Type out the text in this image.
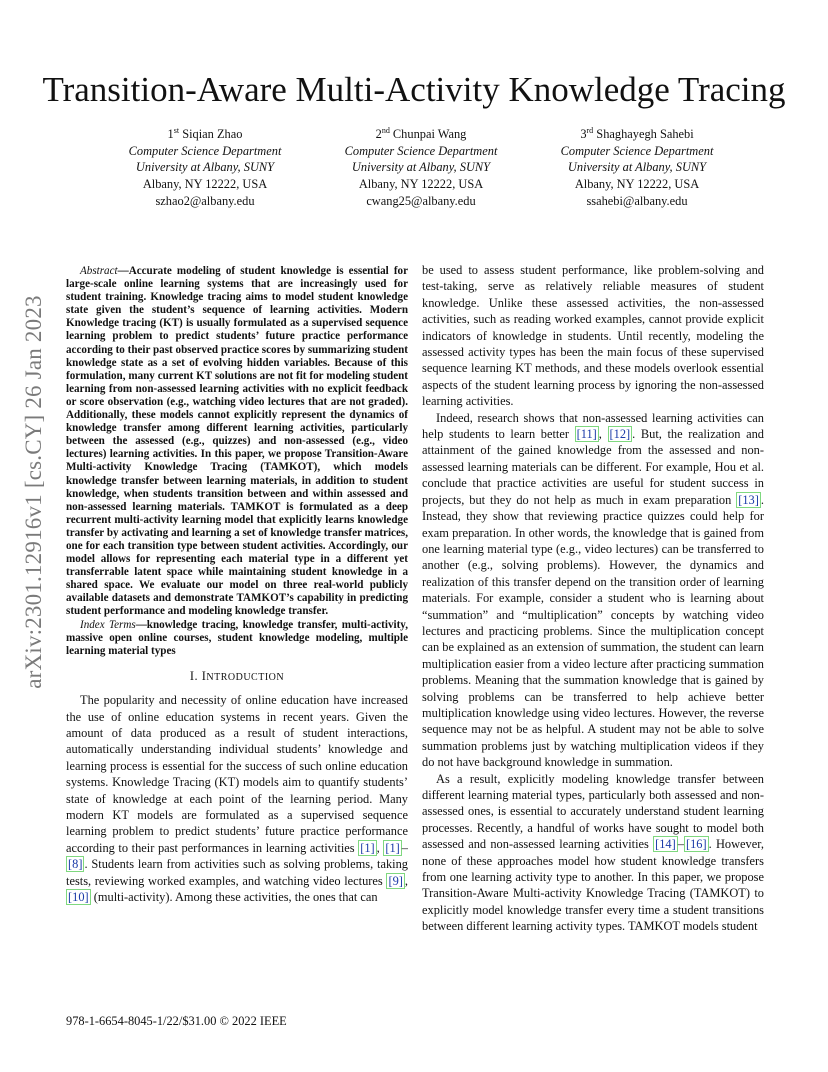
arXiv:2301.12916v1 [cs.CY] 26 Jan 2023
Transition-Aware Multi-Activity Knowledge Tracing
1st Siqian Zhao
Computer Science Department
University at Albany, SUNY
Albany, NY 12222, USA
szhao2@albany.edu
2nd Chunpai Wang
Computer Science Department
University at Albany, SUNY
Albany, NY 12222, USA
cwang25@albany.edu
3rd Shaghayegh Sahebi
Computer Science Department
University at Albany, SUNY
Albany, NY 12222, USA
ssahebi@albany.edu

Abstract—Accurate modeling of student knowledge is essential for large-scale online learning systems that are increasingly used for student training. Knowledge tracing aims to model student knowledge state given the student’s sequence of learning activities. Modern Knowledge tracing (KT) is usually formulated as a supervised sequence learning problem to predict students’ future practice performance according to their past observed practice scores by summarizing student knowledge state as a set of evolving hidden variables. Because of this formulation, many current KT solutions are not fit for modeling student learning from non-assessed learning activities with no explicit feedback or score observation (e.g., watching video lectures that are not graded). Additionally, these models cannot explicitly represent the dynamics of knowledge transfer among different learning activities, particularly between the assessed (e.g., quizzes) and non-assessed (e.g., video lectures) learning activities. In this paper, we propose Transition-Aware Multi-activity Knowledge Tracing (TAMKOT), which models knowledge transfer between learning materials, in addition to student knowledge, when students transition between and within assessed and non-assessed learning materials. TAMKOT is formulated as a deep recurrent multi-activity learning model that explicitly learns knowledge transfer by activating and learning a set of knowledge transfer matrices, one for each transition type between student activities. Accordingly, our model allows for representing each material type in a different yet transferrable latent space while maintaining student knowledge in a shared space. We evaluate our model on three real-world publicly available datasets and demonstrate TAMKOT’s capability in predicting student performance and modeling knowledge transfer.

Index Terms—knowledge tracing, knowledge transfer, multi-activity, massive open online courses, student knowledge modeling, multiple learning material types

I. INTRODUCTION

The popularity and necessity of online education have increased the use of online education systems in recent years. Given the amount of data produced as a result of student interactions, automatically understanding individual students’ knowledge and learning process is essential for the success of such online education systems. Knowledge Tracing (KT) models aim to quantify students’ state of knowledge at each point of the learning period. Many modern KT models are formulated as a supervised sequence learning problem to predict students’ future practice performance according to their past performances in learning activities [1] , [1] –[8] . Students learn from activities such as solving problems, taking tests, reviewing worked examples, and watching video lectures [9] , [10] (multi-activity). Among these activities, the ones that can

be used to assess student performance, like problem-solving and test-taking, serve as relatively reliable measures of student knowledge. Unlike these assessed activities, the non-assessed activities, such as reading worked examples, cannot provide explicit indicators of knowledge in students. Until recently, modeling the assessed activity types has been the main focus of these supervised sequence learning KT methods, and these models overlook essential aspects of the student learning process by ignoring the non-assessed learning activities.

Indeed, research shows that non-assessed learning activities can help students to learn better [11] , [12] . But, the realization and attainment of the gained knowledge from the assessed and non-assessed learning materials can be different. For example, Hou et al. conclude that practice activities are useful for student success in projects, but they do not help as much in exam preparation [13] . Instead, they show that reviewing practice quizzes could help for exam preparation. In other words, the knowledge that is gained from one learning material type (e.g., video lectures) can be transferred to another (e.g., solving problems). However, the dynamics and realization of this transfer depend on the transition order of learning materials. For example, consider a student who is learning about “summation” and “multiplication” concepts by watching video lectures and practicing problems. Since the multiplication concept can be explained as an extension of summation, the student can learn multiplication easier from a video lecture after practicing summation problems. Meaning that the summation knowledge that is gained by solving problems can be transferred to help achieve better multiplication knowledge using video lectures. However, the reverse sequence may not be as helpful. A student may not be able to solve summation problems just by watching multiplication videos if they do not have background knowledge in summation.

As a result, explicitly modeling knowledge transfer between different learning material types, particularly both assessed and non-assessed ones, is essential to accurately understand student learning processes. Recently, a handful of works have sought to model both assessed and non-assessed learning activities [14] – [16] . However, none of these approaches model how student knowledge transfers from one learning activity type to another. In this paper, we propose Transition-Aware Multi-activity Knowledge Tracing (TAMKOT) to explicitly model knowledge transfer every time a student transitions between different learning activity types. TAMKOT models student

978-1-6654-8045-1/22/$31.00 © 2022 IEEE
